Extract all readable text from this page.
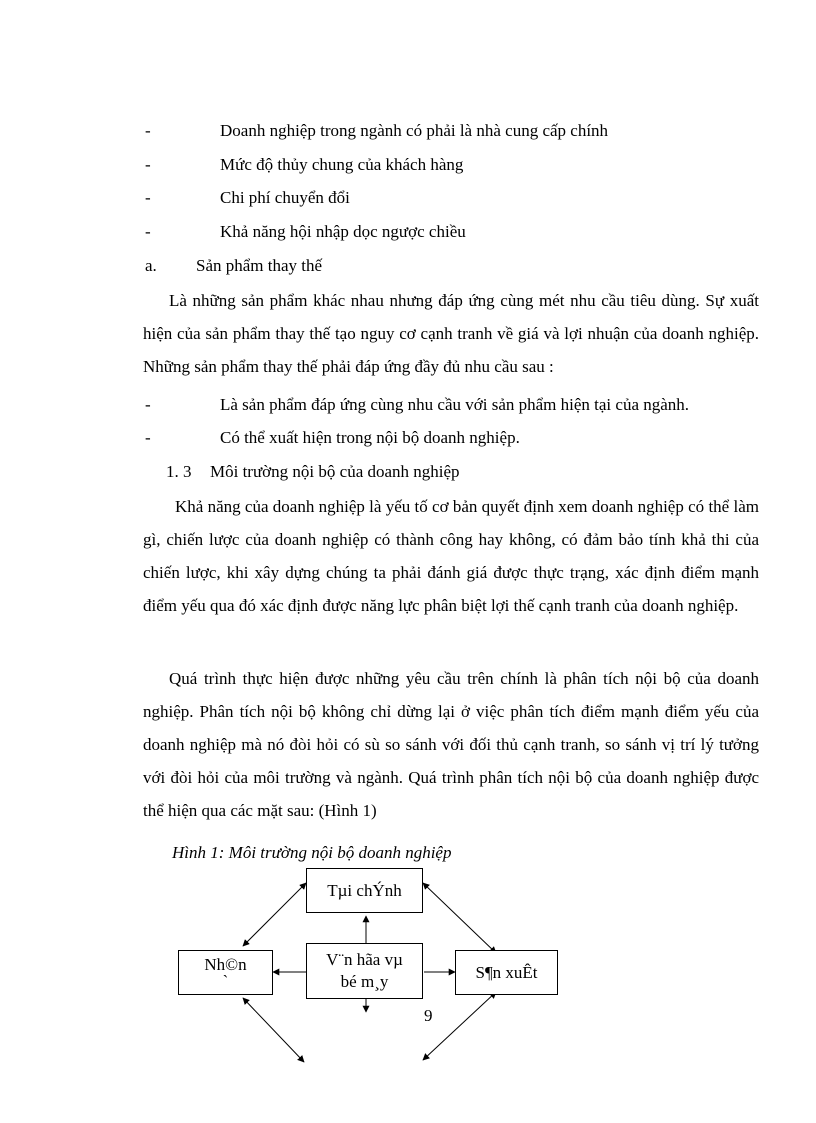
-	Doanh nghiệp trong ngành có phải là nhà cung cấp chính
-	Mức độ thủy chung của khách hàng
-	Chi phí chuyển đổi
-	Khả năng hội nhập dọc ngược chiều
a. Sản phẩm thay thế
Là những sản phẩm khác nhau nhưng đáp ứng cùng mét nhu cầu tiêu dùng. Sự xuất hiện của sản phẩm thay thế tạo nguy cơ cạnh tranh về giá và lợi nhuận của doanh nghiệp. Những sản phẩm thay thế phải đáp ứng đầy đủ nhu cầu sau :
-	Là sản phẩm đáp ứng cùng nhu cầu với sản phẩm hiện tại của ngành.
-	Có thể xuất hiện trong nội bộ doanh nghiệp.
1. 3 Môi trường nội bộ của doanh nghiệp
Khả năng của doanh nghiệp là yếu tố cơ bản quyết định xem doanh nghiệp có thể làm gì, chiến lược của doanh nghiệp có thành công hay không, có đảm bảo tính khả thi của chiến lược, khi xây dựng chúng ta phải đánh giá được thực trạng, xác định điểm mạnh điểm yếu qua đó xác định được năng lực phân biệt lợi thế cạnh tranh của doanh nghiệp.
Quá trình thực hiện được những yêu cầu trên chính là phân tích nội bộ của doanh nghiệp. Phân tích nội bộ không chỉ dừng lại ở việc phân tích điểm mạnh điểm yếu của doanh nghiệp mà nó đòi hỏi có sù so sánh với đối thủ cạnh tranh, so sánh vị trí lý tưởng với đòi hỏi của môi trường và ngành. Quá trình phân tích nội bộ của doanh nghiệp được thể hiện qua các mặt sau: (Hình 1)
Hình 1: Môi trường nội bộ doanh nghiệp
Tµi chÝnh
V¨n hãa vµ
bé m¸y
Nh©n
`	S¶n xuÊt
9
